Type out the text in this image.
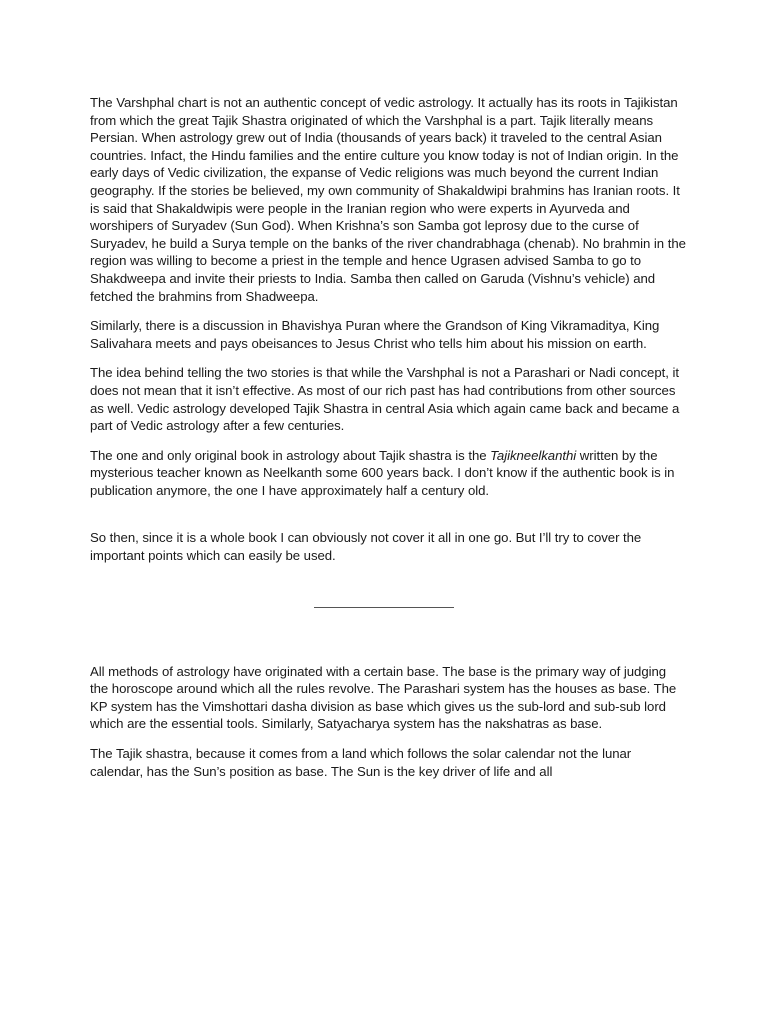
The Varshphal chart is not an authentic concept of vedic astrology. It actually has its roots in Tajikistan from which the great Tajik Shastra originated of which the Varshphal is a part. Tajik literally means Persian. When astrology grew out of India (thousands of years back) it traveled to the central Asian countries. Infact, the Hindu families and the entire culture you know today is not of Indian origin. In the early days of Vedic civilization, the expanse of Vedic religions was much beyond the current Indian geography. If the stories be believed, my own community of Shakaldwipi brahmins has Iranian roots. It is said that Shakaldwipis were people in the Iranian region who were experts in Ayurveda and worshipers of Suryadev (Sun God). When Krishna’s son Samba got leprosy due to the curse of Suryadev, he build a Surya temple on the banks of the river chandrabhaga (chenab). No brahmin in the region was willing to become a priest in the temple and hence Ugrasen advised Samba to go to Shakdweepa and invite their priests to India. Samba then called on Garuda (Vishnu’s vehicle) and fetched the brahmins from Shadweepa.

Similarly, there is a discussion in Bhavishya Puran where the Grandson of King Vikramaditya, King Salivahara meets and pays obeisances to Jesus Christ who tells him about his mission on earth.

The idea behind telling the two stories is that while the Varshphal is not a Parashari or Nadi concept, it does not mean that it isn’t effective. As most of our rich past has had contributions from other sources as well. Vedic astrology developed Tajik Shastra in central Asia which again came back and became a part of Vedic astrology after a few centuries.

The one and only original book in astrology about Tajik shastra is the Tajikneelkanthi written by the mysterious teacher known as Neelkanth some 600 years back. I don’t know if the authentic book is in publication anymore, the one I have approximately half a century old.

So then, since it is a whole book I can obviously not cover it all in one go. But I’ll try to cover the important points which can easily be used.

All methods of astrology have originated with a certain base. The base is the primary way of judging the horoscope around which all the rules revolve. The Parashari system has the houses as base. The KP system has the Vimshottari dasha division as base which gives us the sub-lord and sub-sub lord which are the essential tools. Similarly, Satyacharya system has the nakshatras as base.

The Tajik shastra, because it comes from a land which follows the solar calendar not the lunar calendar, has the Sun’s position as base. The Sun is the key driver of life and all
